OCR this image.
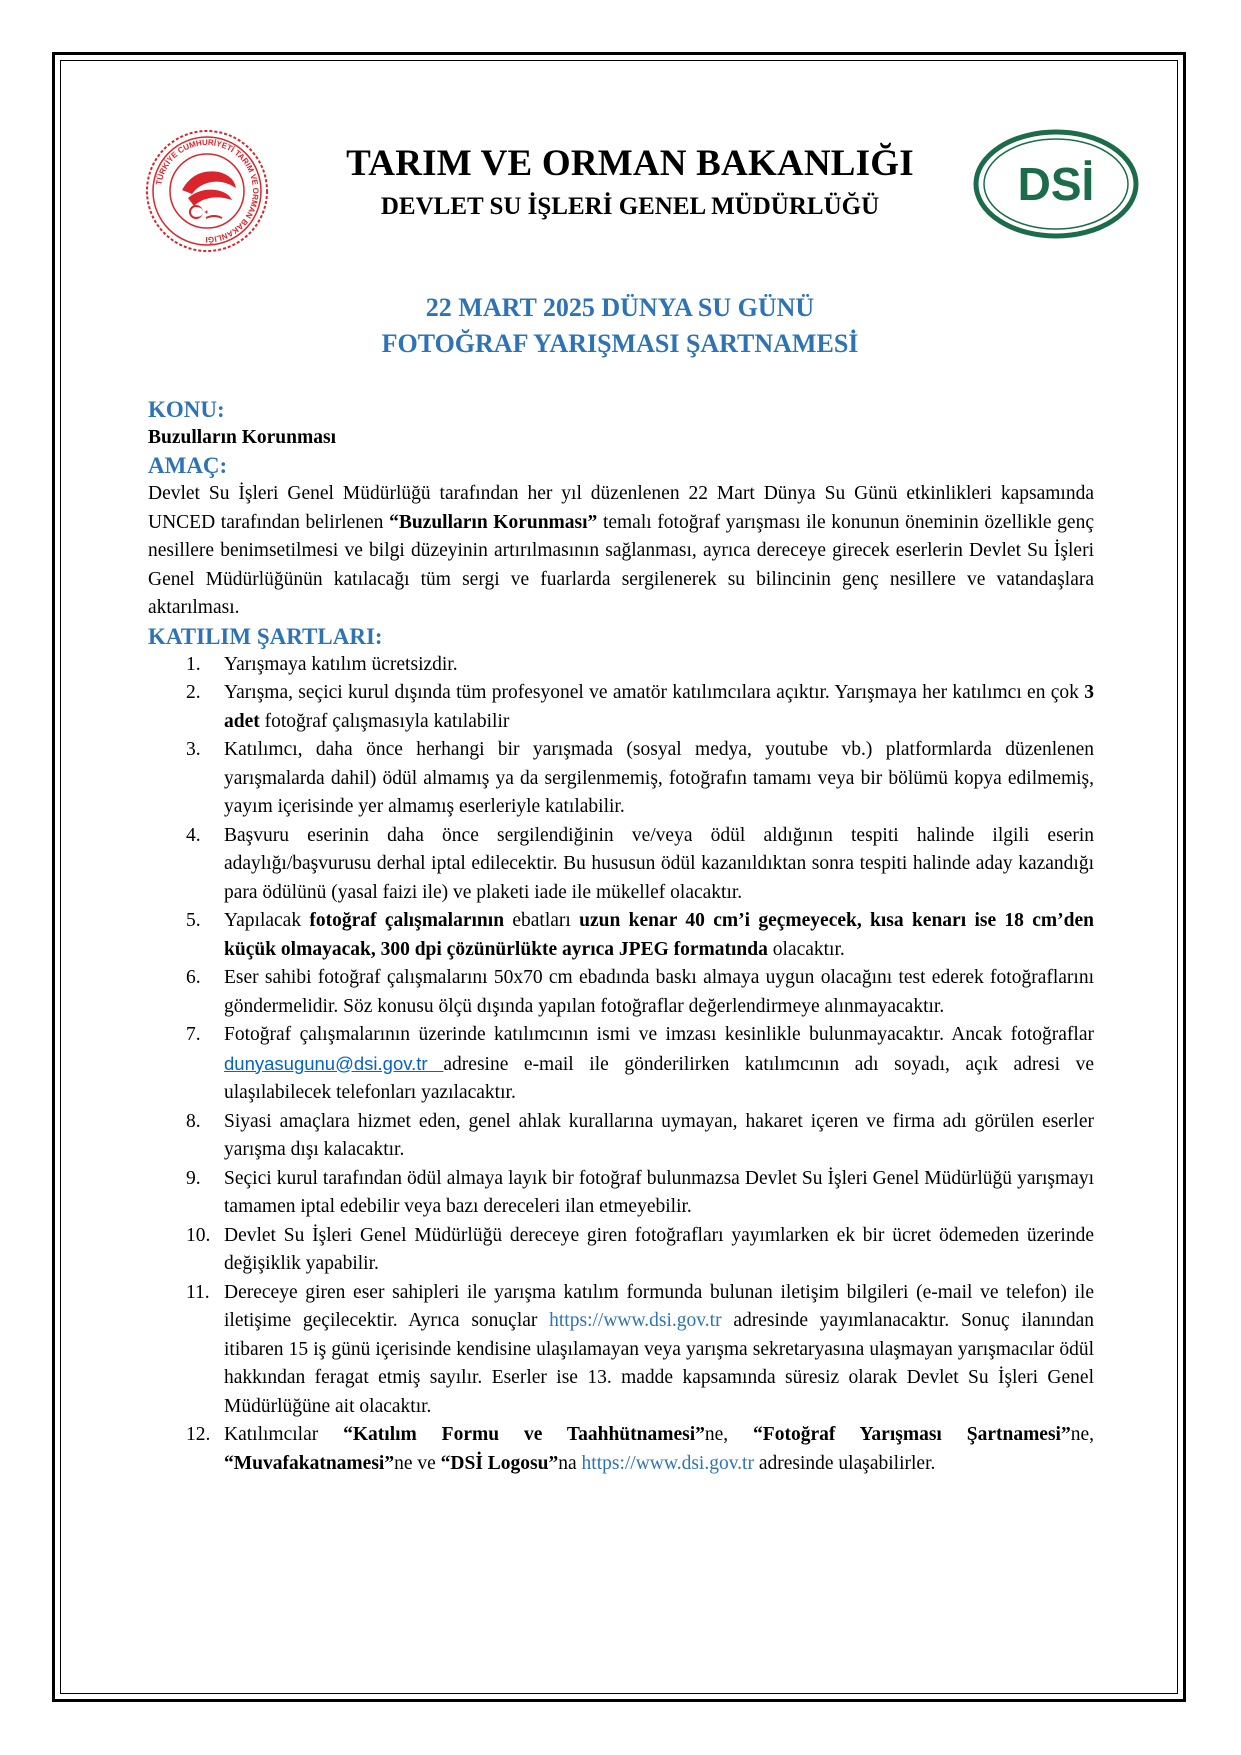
TÜRKİYE CUMHURİYETİ TARIM VE ORMAN BAKANLIĞI
TARIM VE ORMAN BAKANLIĞI
DEVLET SU İŞLERİ GENEL MÜDÜRLÜĞÜ	DSİ
22 MART 2025 DÜNYA SU GÜNÜ
FOTOĞRAF YARIŞMASI ŞARTNAMESİ
KONU:
Buzulların Korunması
AMAÇ:
Devlet Su İşleri Genel Müdürlüğü tarafından her yıl düzenlenen 22 Mart Dünya Su Günü etkinlikleri kapsamında UNCED tarafından belirlenen “Buzulların Korunması” temalı fotoğraf yarışması ile konunun öneminin özellikle genç nesillere benimsetilmesi ve bilgi düzeyinin artırılmasının sağlanması, ayrıca dereceye girecek eserlerin Devlet Su İşleri Genel Müdürlüğünün katılacağı tüm sergi ve fuarlarda sergilenerek su bilincinin genç nesillere ve vatandaşlara aktarılması.
KATILIM ŞARTLARI:
1. Yarışmaya katılım ücretsizdir.
2. Yarışma, seçici kurul dışında tüm profesyonel ve amatör katılımcılara açıktır. Yarışmaya her katılımcı en çok 3 adet fotoğraf çalışmasıyla katılabilir
3. Katılımcı, daha önce herhangi bir yarışmada (sosyal medya, youtube vb.) platformlarda düzenlenen yarışmalarda dahil) ödül almamış ya da sergilenmemiş, fotoğrafın tamamı veya bir bölümü kopya edilmemiş, yayım içerisinde yer almamış eserleriyle katılabilir.
4. Başvuru eserinin daha önce sergilendiğinin ve/veya ödül aldığının tespiti halinde ilgili eserin adaylığı/başvurusu derhal iptal edilecektir. Bu hususun ödül kazanıldıktan sonra tespiti halinde aday kazandığı para ödülünü (yasal faizi ile) ve plaketi iade ile mükellef olacaktır.
5. Yapılacak fotoğraf çalışmalarının ebatları uzun kenar 40 cm’i geçmeyecek, kısa kenarı ise 18 cm’den küçük olmayacak, 300 dpi çözünürlükte ayrıca JPEG formatında olacaktır.
6. Eser sahibi fotoğraf çalışmalarını 50x70 cm ebadında baskı almaya uygun olacağını test ederek fotoğraflarını göndermelidir. Söz konusu ölçü dışında yapılan fotoğraflar değerlendirmeye alınmayacaktır.
7. Fotoğraf çalışmalarının üzerinde katılımcının ismi ve imzası kesinlikle bulunmayacaktır. Ancak fotoğraflar dunyasugunu@dsi.gov.tr adresine e-mail ile gönderilirken katılımcının adı soyadı, açık adresi ve ulaşılabilecek telefonları yazılacaktır.
8. Siyasi amaçlara hizmet eden, genel ahlak kurallarına uymayan, hakaret içeren ve firma adı görülen eserler yarışma dışı kalacaktır.
9. Seçici kurul tarafından ödül almaya layık bir fotoğraf bulunmazsa Devlet Su İşleri Genel Müdürlüğü yarışmayı tamamen iptal edebilir veya bazı dereceleri ilan etmeyebilir.
10. Devlet Su İşleri Genel Müdürlüğü dereceye giren fotoğrafları yayımlarken ek bir ücret ödemeden üzerinde değişiklik yapabilir.
11. Dereceye giren eser sahipleri ile yarışma katılım formunda bulunan iletişim bilgileri (e-mail ve telefon) ile iletişime geçilecektir. Ayrıca sonuçlar https://www.dsi.gov.tr adresinde yayımlanacaktır. Sonuç ilanından itibaren 15 iş günü içerisinde kendisine ulaşılamayan veya yarışma sekretaryasına ulaşmayan yarışmacılar ödül hakkından feragat etmiş sayılır. Eserler ise 13. madde kapsamında süresiz olarak Devlet Su İşleri Genel Müdürlüğüne ait olacaktır.
12. Katılımcılar “Katılım Formu ve Taahhütnamesi”ne, “Fotoğraf Yarışması Şartnamesi”ne, “Muvafakatnamesi”ne ve “DSİ Logosu”na https://www.dsi.gov.tr adresinde ulaşabilirler.
